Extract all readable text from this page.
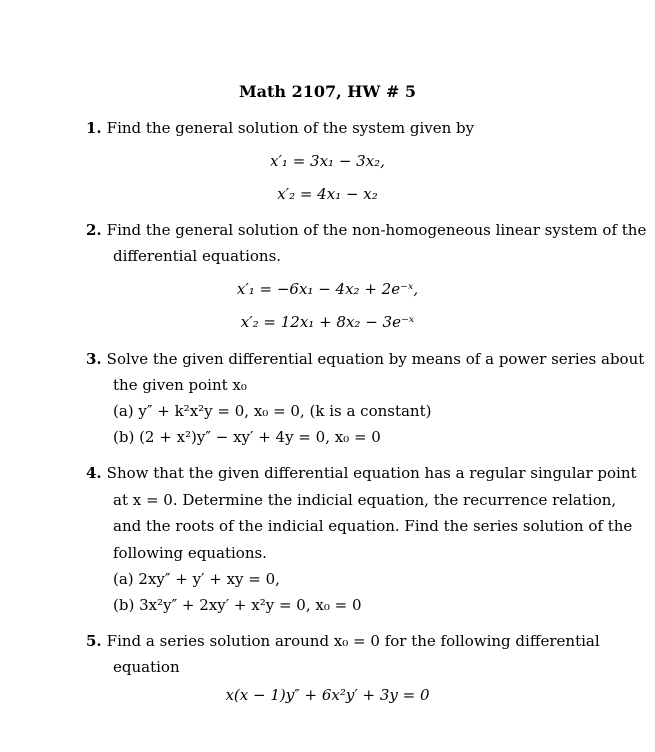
Math 2107, HW # 5
1. Find the general solution of the system given by
x′₁ = 3x₁ − 3x₂,
x′₂ = 4x₁ − x₂
2. Find the general solution of the non-homogeneous linear system of the
differential equations.
x′₁ = −6x₁ − 4x₂ + 2e⁻ˣ,
x′₂ = 12x₁ + 8x₂ − 3e⁻ˣ
3. Solve the given differential equation by means of a power series about
the given point x₀
(a) y″ + k²x²y = 0, x₀ = 0, (k is a constant)
(b) (2 + x²)y″ − xy′ + 4y = 0, x₀ = 0
4. Show that the given differential equation has a regular singular point
at x = 0. Determine the indicial equation, the recurrence relation,
and the roots of the indicial equation. Find the series solution of the
following equations.
(a) 2xy″ + y′ + xy = 0,
(b) 3x²y″ + 2xy′ + x²y = 0, x₀ = 0
5. Find a series solution around x₀ = 0 for the following differential
equation
x(x − 1)y″ + 6x²y′ + 3y = 0
